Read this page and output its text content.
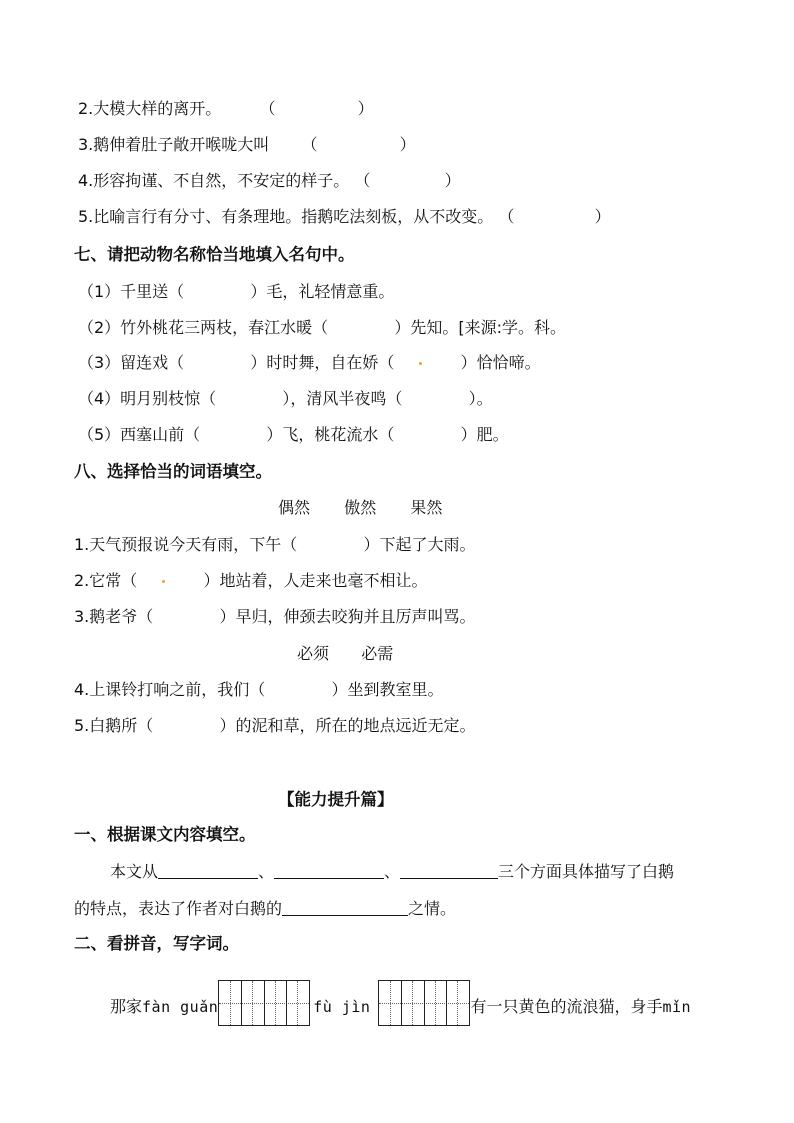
2.大模大样的离开。 （	）
3.鹅伸着肚子敞开喉咙大叫 （	）
4.形容拘谨、不自然，不安定的样子。 （	）
5.比喻言行有分寸、有条理地。指鹅吃法刻板，从不改变。 （	）
七、请把动物名称恰当地填入名句中。
（1）千里送（	）毛，礼轻情意重。
（2）竹外桃花三两枝，春江水暖（	）先知。[来源:学。科。
（3）留连戏（	）时时舞，自在娇（	）恰恰啼。
（4）明月别枝惊（	），清风半夜鸣（	）。
（5）西塞山前（	）飞，桃花流水（	）肥。
八、选择恰当的词语填空。
偶然 傲然 果然
1.天气预报说今天有雨，下午（	）下起了大雨。
2.它常（	）地站着，人走来也毫不相让。
3.鹅老爷（	）早归，伸颈去咬狗并且厉声叫骂。
必须 必需
4.上课铃打响之前，我们（	）坐到教室里。
5.白鹅所（	）的泥和草，所在的地点远近无定。
【能力提升篇】
一、根据课文内容填空。
本文从	、	、	三个方面具体描写了白鹅
的特点，表达了作者对白鹅的	之情。
二、看拼音，写字词。
那家fàn guǎn	fù jìn	有一只黄色的流浪猫，身手mǐn
